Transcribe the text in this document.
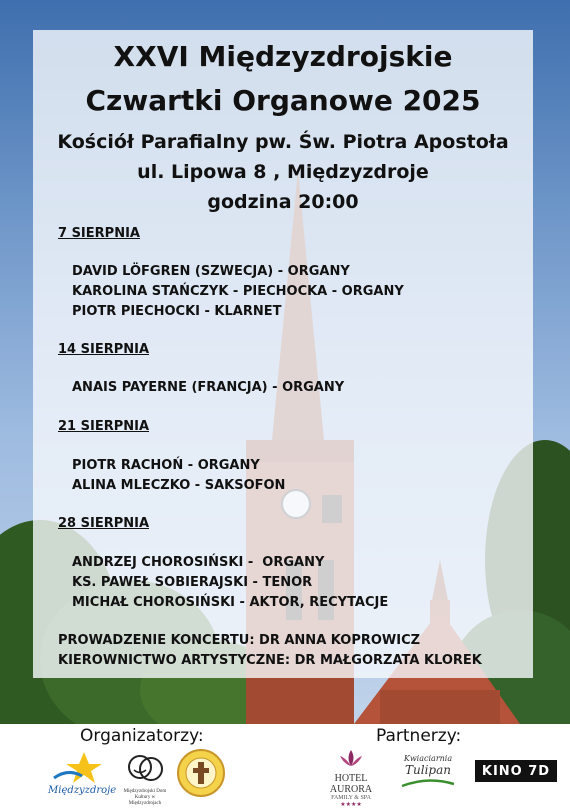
XXVI Międzyzdrojskie
Czwartki Organowe 2025
Kościół Parafialny pw. Św. Piotra Apostoła
ul. Lipowa 8 , Międzyzdroje
godzina 20:00
7 SIERPNIA
DAVID LÖFGREN (SZWECJA) - ORGANY
KAROLINA STAŃCZYK - PIECHOCKA - ORGANY
PIOTR PIECHOCKI - KLARNET
14 SIERPNIA
ANAIS PAYERNE (FRANCJA) - ORGANY
21 SIERPNIA
PIOTR RACHOŃ - ORGANY
ALINA MLECZKO - SAKSOFON
28 SIERPNIA
ANDRZEJ CHOROSIŃSKI -  ORGANY
KS. PAWEŁ SOBIERAJSKI - TENOR
MICHAŁ CHOROSIŃSKI - AKTOR, RECYTACJE
PROWADZENIE KONCERTU: DR ANNA KOPROWICZ
KIEROWNICTWO ARTYSTYCZNE: DR MAŁGORZATA KLOREK
Organizatorzy:	Partnerzy:
Międzyzdroje	Międzyzdrojski Dom Kultury w Międzyzdrojach
HOTEL AURORA
FAMILY & SPA
★★★★
Kwiaciarnia
Tulipan	KINO 7D
